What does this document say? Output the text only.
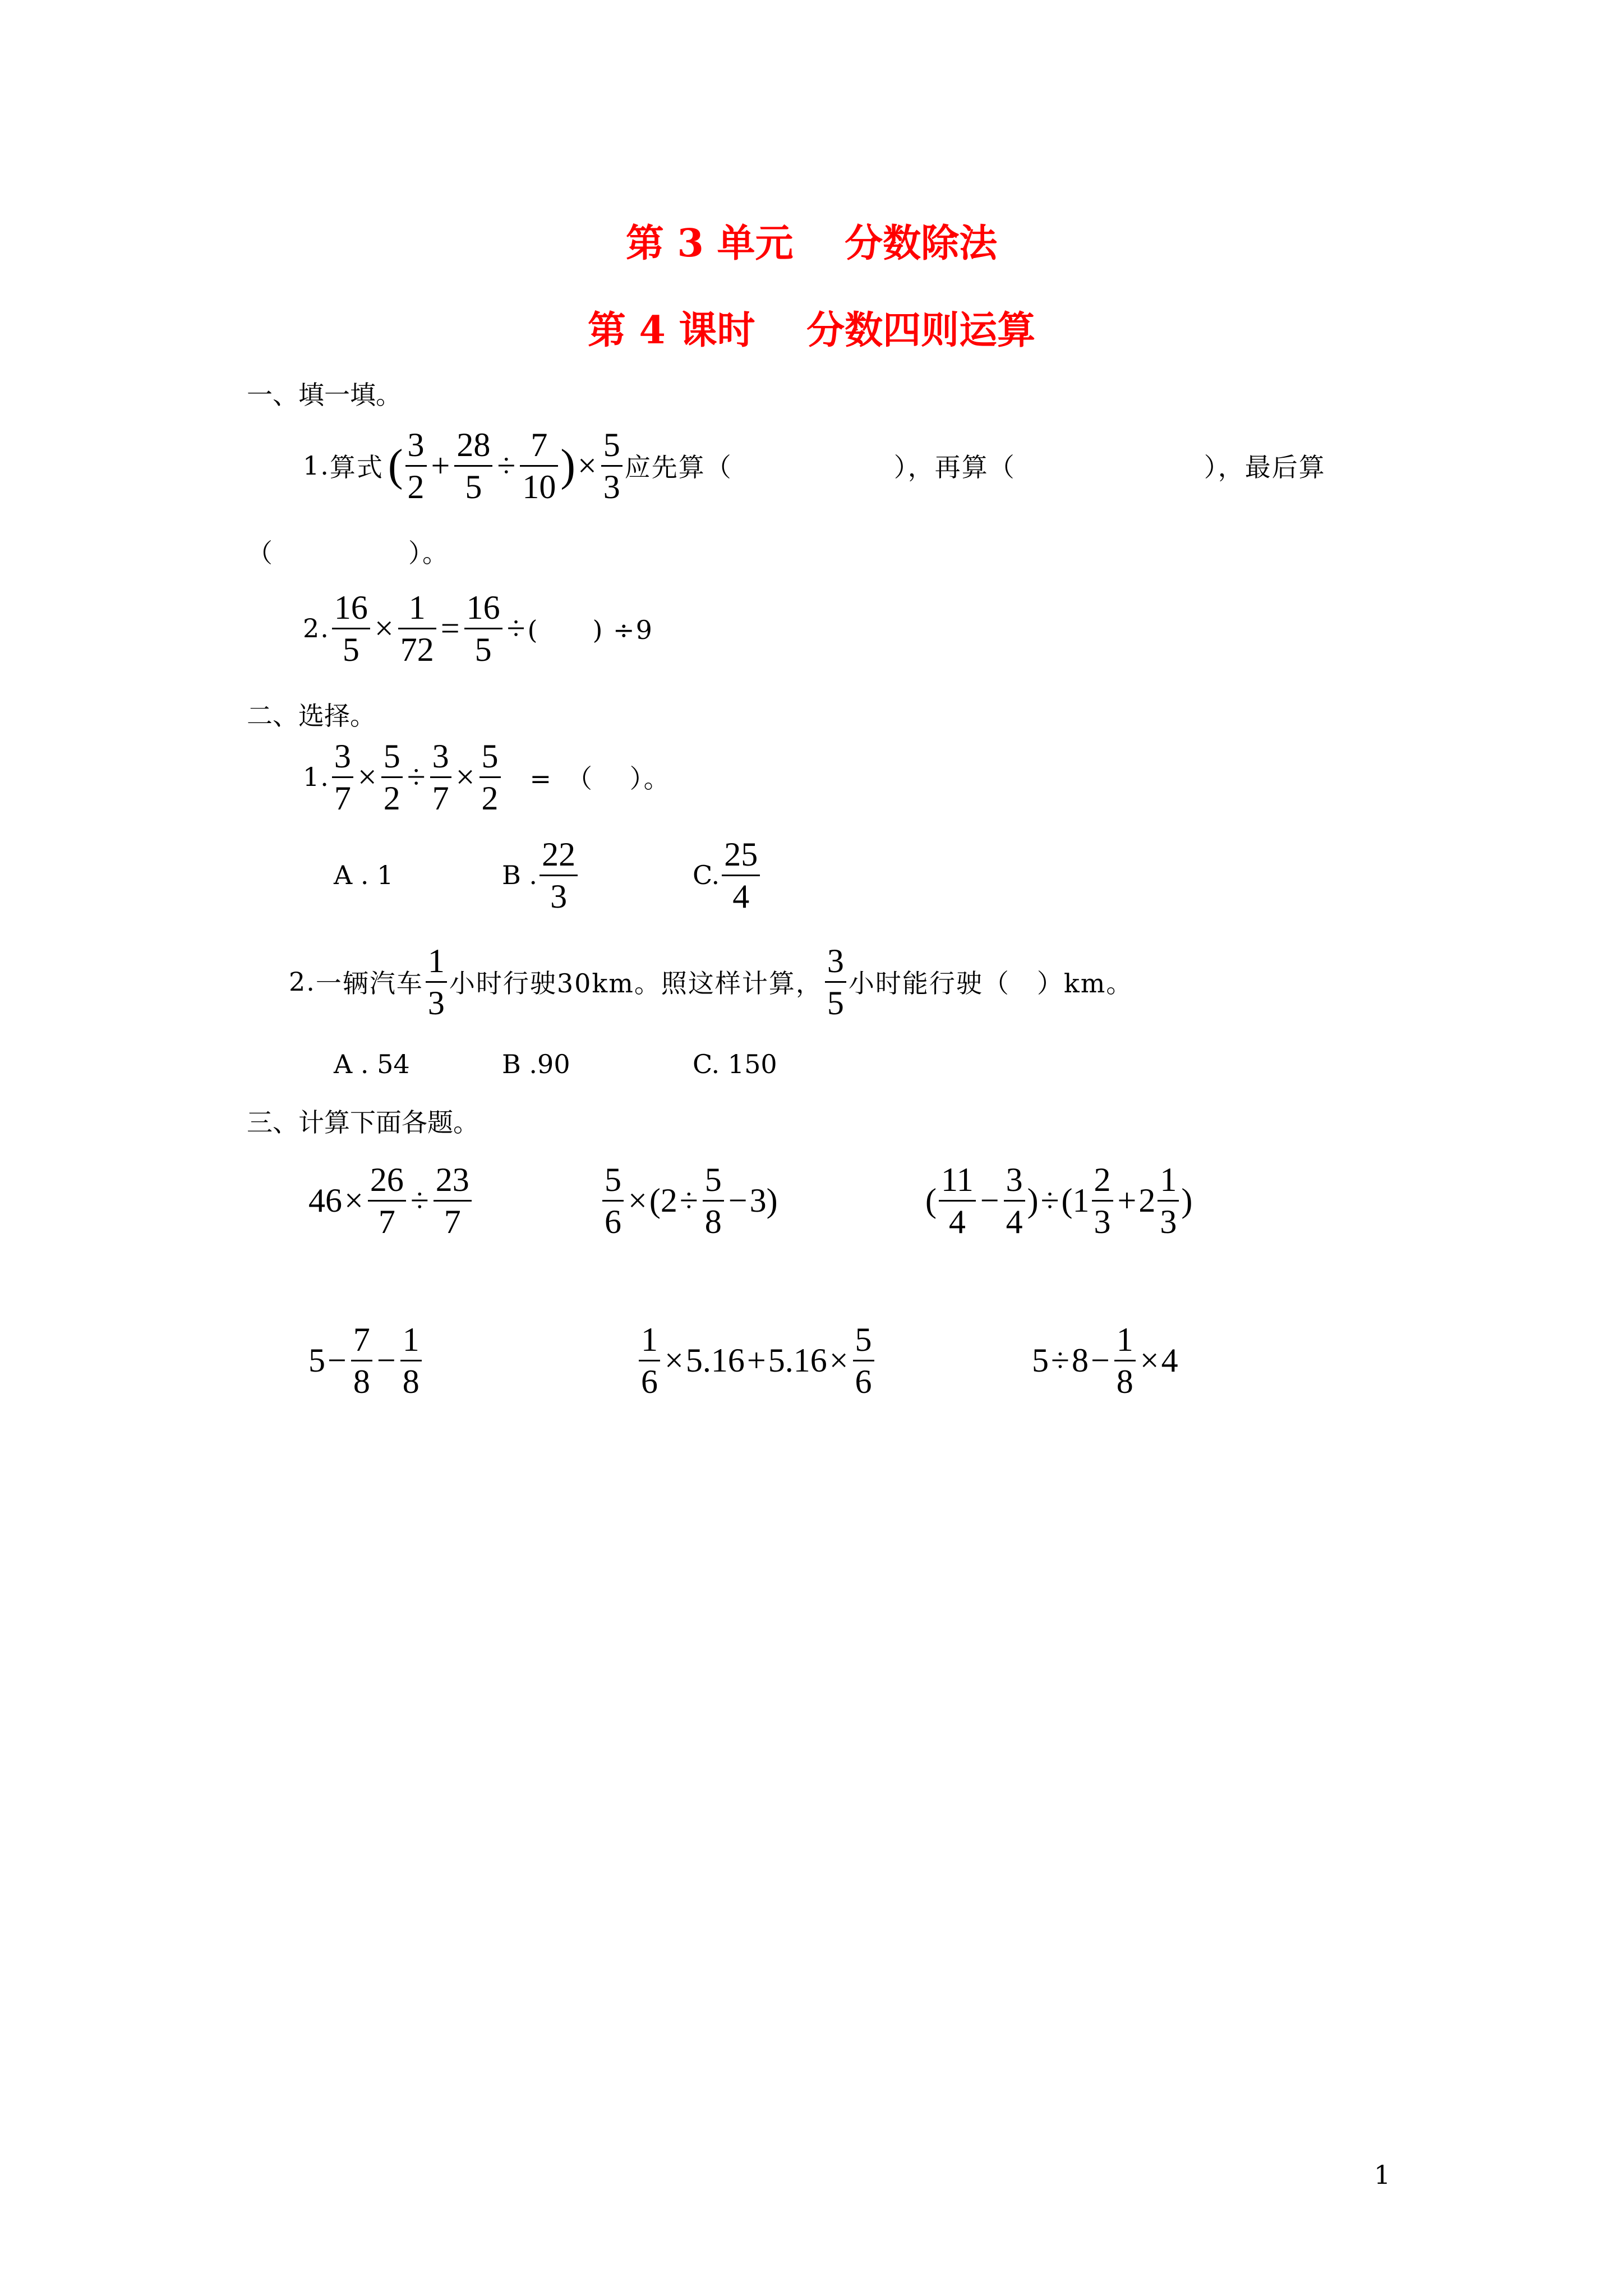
第 3 单元　 分数除法
第 4 课时　 分数四则运算
一、填一填。
1. 算式 ( $\frac{3}{2} + \frac{28}{5} \div \frac{7}{10}$ ) × $\frac{5}{3}$ 应先算（　　　　　　），再算（　　　　　　　），最后算
（　　　　　）。
2. $\frac{16}{5} \times \frac{1}{72} = \frac{16}{5}$ ÷ (　　) ÷9
二、选择。
1. $\frac{3}{7} \times \frac{5}{2} \div \frac{3}{7} \times \frac{5}{2}$ 　=　（　 ）。
A . 1	B . $\frac{22}{3}$	C. $\frac{25}{4}$
2. 一辆汽车 $\frac{1}{3}$ 小时行驶30km。照这样计算， $\frac{3}{5}$ 小时能行驶（　）km。
A . 54	B .90	C. 150
三、计算下面各题。
$46 \times \frac{26}{7} \div \frac{23}{7}$	$\frac{5}{6}$ × ( $2 \div \frac{5}{8} - 3$ )	( $\frac{11}{4} - \frac{3}{4}$ ) ÷ ( $1 \frac{2}{3} + 2 \frac{1}{3}$ )
$5 - \frac{7}{8} - \frac{1}{8}$	$\frac{1}{6} \times 5.16 + 5.16 \times \frac{5}{6}$	$5 \div 8 - \frac{1}{8} \times 4$
1
